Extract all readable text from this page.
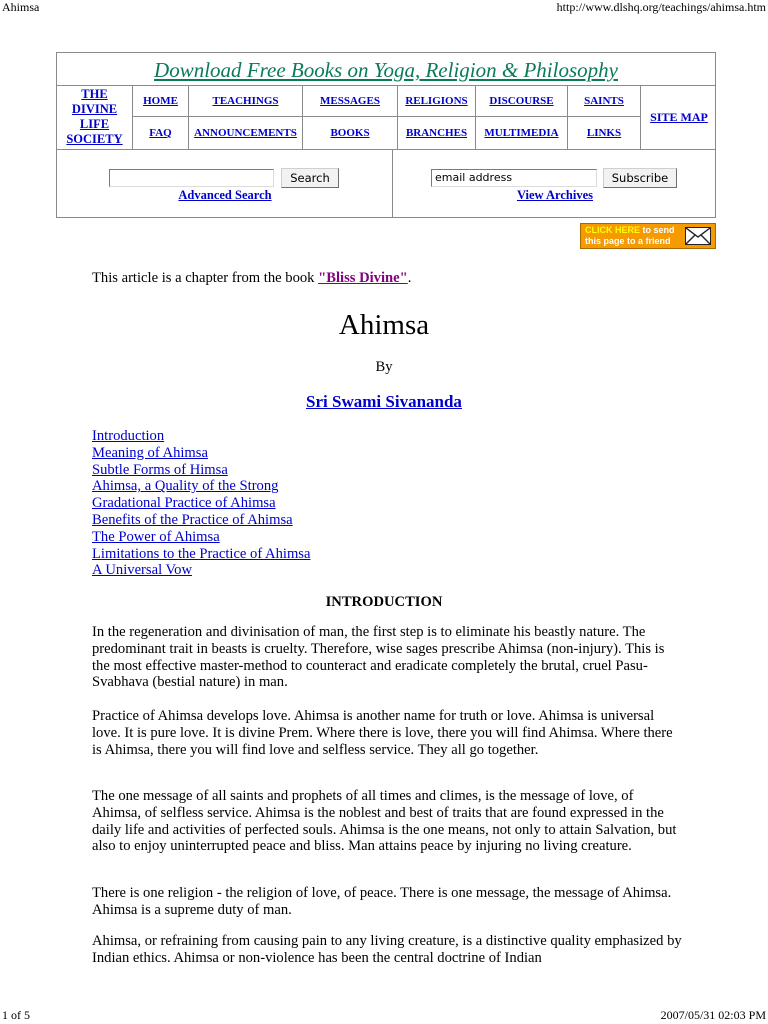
Ahimsa	http://www.dlshq.org/teachings/ahimsa.htm
Download Free Books on Yoga, Religion & Philosophy
THE
DIVINE
LIFE
SOCIETY
HOME	TEACHINGS	MESSAGES	RELIGIONS	DISCOURSE	SAINTS
FAQ	ANNOUNCEMENTS	BOOKS	BRANCHES	MULTIMEDIA	LINKS
SITE MAP
Search
Advanced Search
email address	Subscribe
View Archives
CLICK HERE to send
this page to a friend
This article is a chapter from the book "Bliss Divine".
Ahimsa
By
Sri Swami Sivananda
Introduction
Meaning of Ahimsa
Subtle Forms of Himsa
Ahimsa, a Quality of the Strong
Gradational Practice of Ahimsa
Benefits of the Practice of Ahimsa
The Power of Ahimsa
Limitations to the Practice of Ahimsa
A Universal Vow
INTRODUCTION
In the regeneration and divinisation of man, the first step is to eliminate his beastly nature. The predominant trait in beasts is cruelty. Therefore, wise sages prescribe Ahimsa (non-injury). This is the most effective master-method to counteract and eradicate completely the brutal, cruel Pasu-Svabhava (bestial nature) in man.
Practice of Ahimsa develops love. Ahimsa is another name for truth or love. Ahimsa is universal love. It is pure love. It is divine Prem. Where there is love, there you will find Ahimsa. Where there is Ahimsa, there you will find love and selfless service. They all go together.
The one message of all saints and prophets of all times and climes, is the message of love, of Ahimsa, of selfless service. Ahimsa is the noblest and best of traits that are found expressed in the daily life and activities of perfected souls. Ahimsa is the one means, not only to attain Salvation, but also to enjoy uninterrupted peace and bliss. Man attains peace by injuring no living creature.
There is one religion - the religion of love, of peace. There is one message, the message of Ahimsa. Ahimsa is a supreme duty of man.
Ahimsa, or refraining from causing pain to any living creature, is a distinctive quality emphasized by Indian ethics. Ahimsa or non-violence has been the central doctrine of Indian
1 of 5	2007/05/31 02:03 PM
